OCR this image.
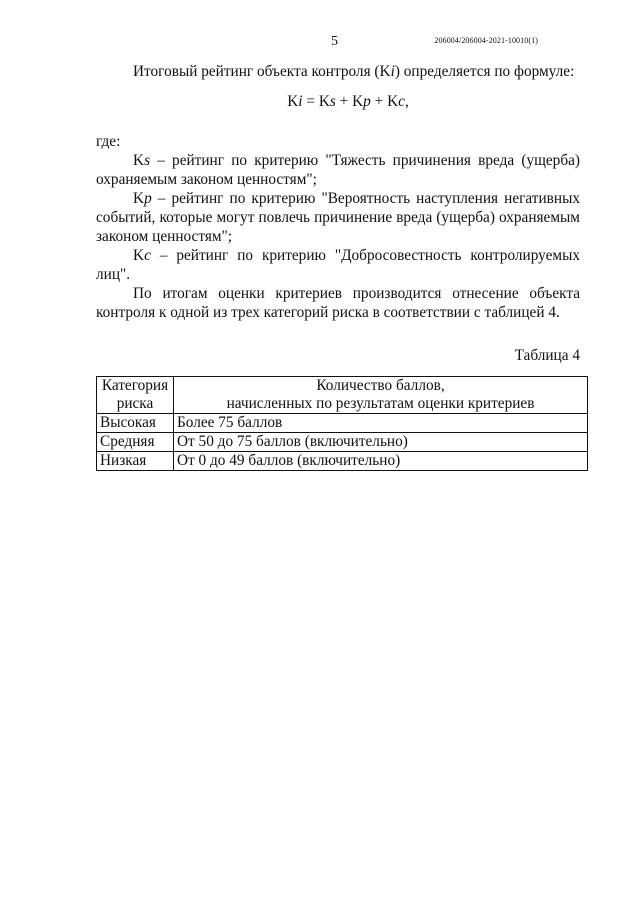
5	206004/206004-2021-10010(1)

Итоговый рейтинг объекта контроля (Ki) определяется по формуле:

Ki = Ks + Kp + Kc,

где:

Ks – рейтинг по критерию "Тяжесть причинения вреда (ущерба) охраняемым законом ценностям";

Kp – рейтинг по критерию "Вероятность наступления негативных событий, которые могут повлечь причинение вреда (ущерба) охраняемым законом ценностям";

Kc – рейтинг по критерию "Добросовестность контролируемых лиц".

По итогам оценки критериев производится отнесение объекта контроля к одной из трех категорий риска в соответствии с таблицей 4.

Таблица 4
Категория
риска	Количество баллов,
начисленных по результатам оценки критериев

Высокая	Более 75 баллов
Средняя	От 50 до 75 баллов (включительно)
Низкая	От 0 до 49 баллов (включительно)
